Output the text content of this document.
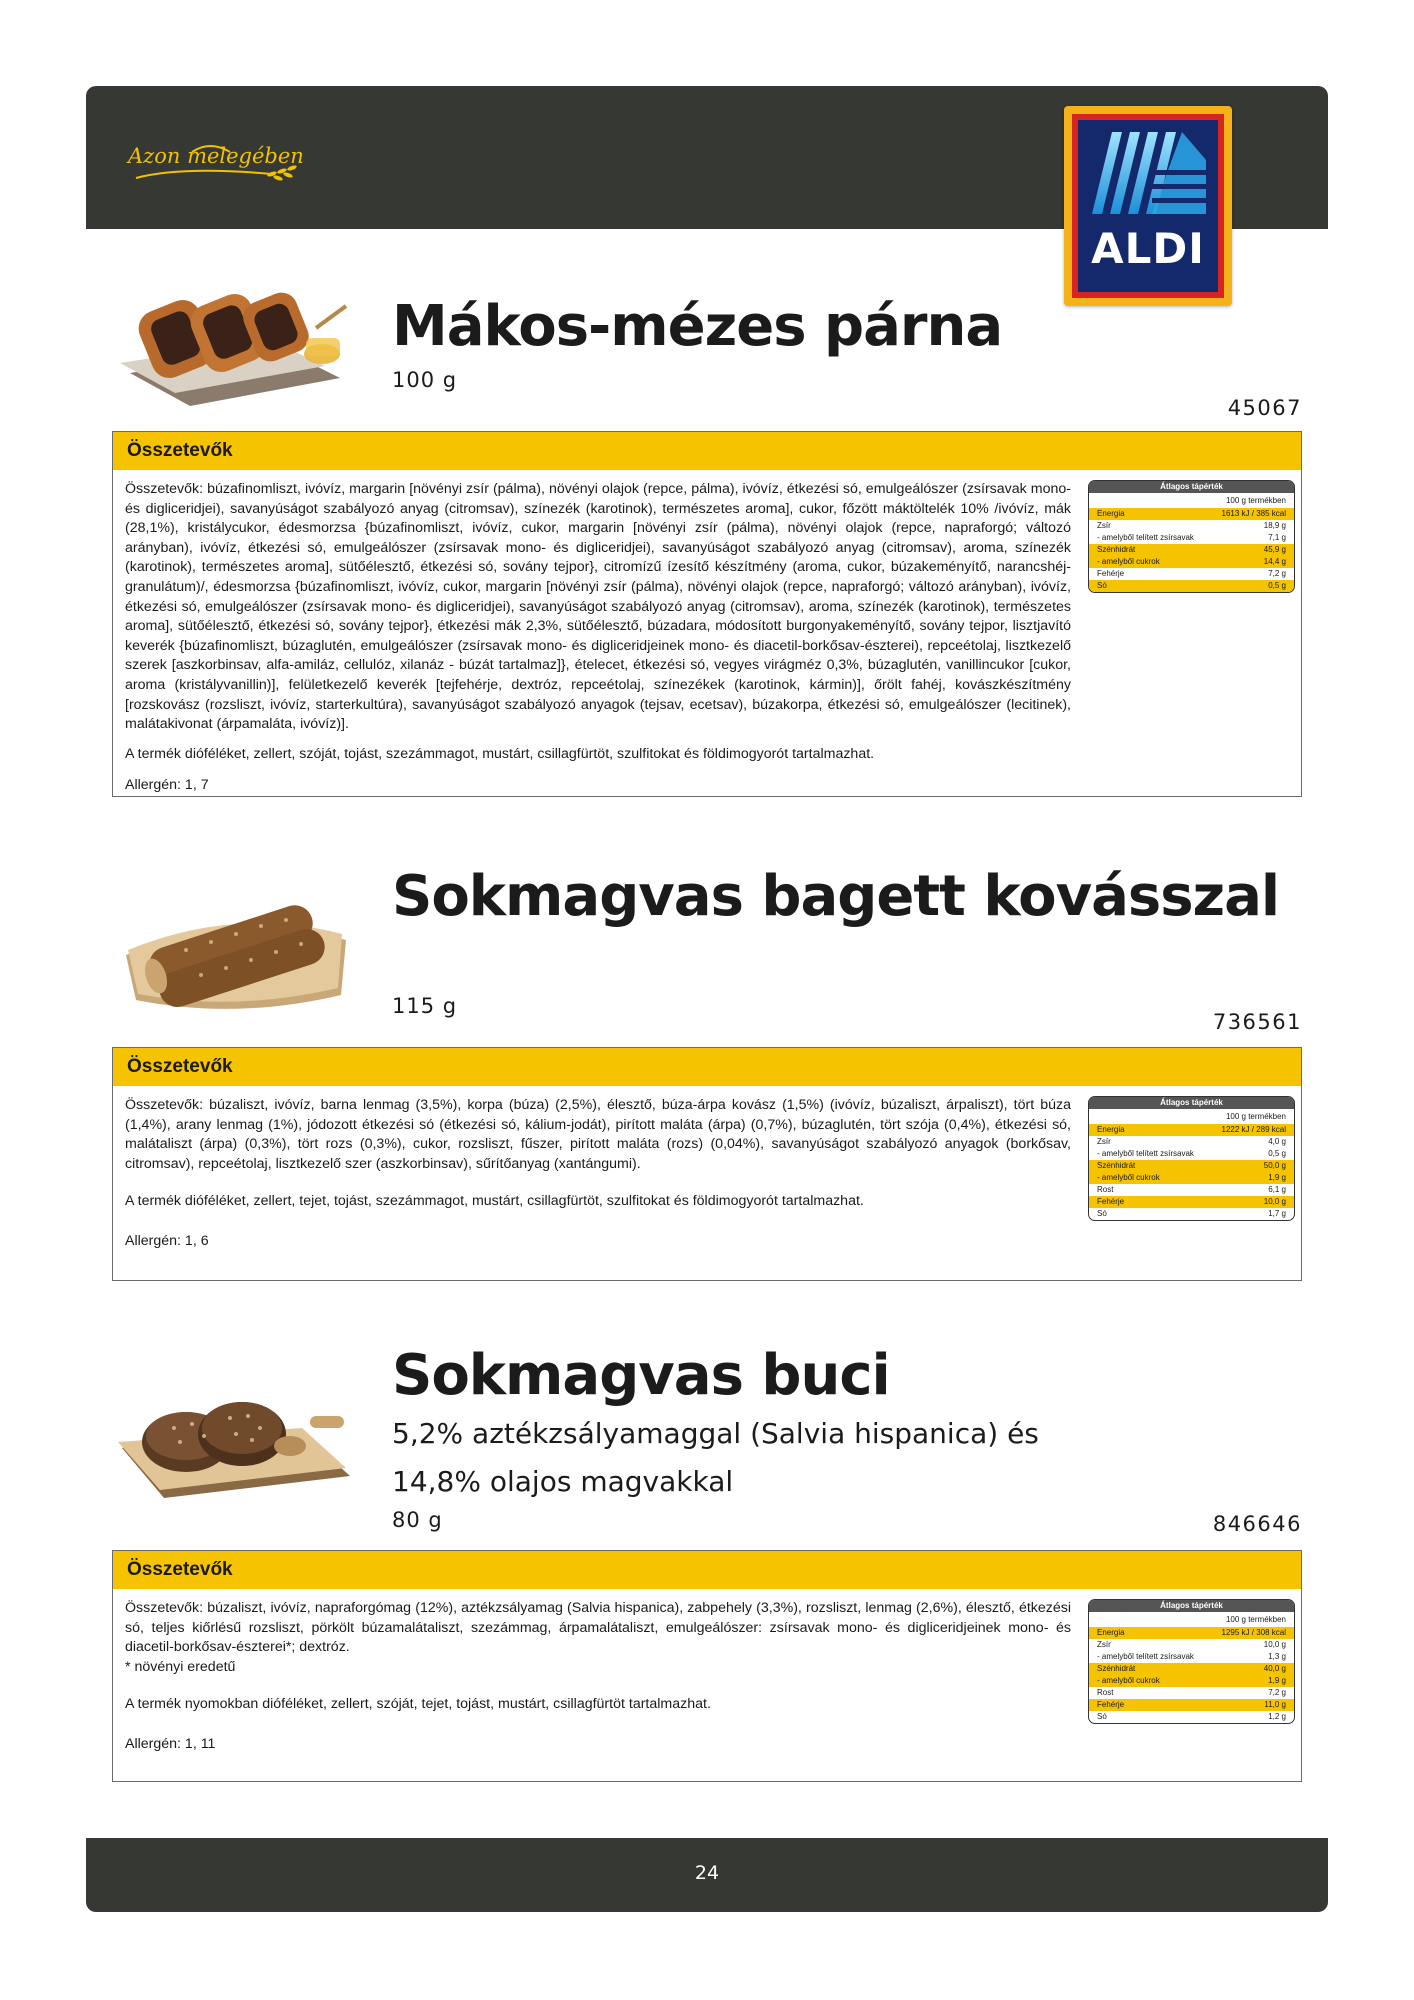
Azon melegében
ALDI
Mákos-mézes párna
100 g
45067
Összetevők
Összetevők: búzafinomliszt, ivóvíz, margarin [növényi zsír (pálma), növényi olajok (repce, pálma), ivóvíz, étkezési só, emulgeálószer (zsírsavak mono- és digliceridjei), savanyúságot szabályozó anyag (citromsav), színezék (karotinok), természetes aroma], cukor, főzött máktöltelék 10% /ivóvíz, mák (28,1%), kristálycukor, édesmorzsa {búzafinomliszt, ivóvíz, cukor, margarin [növényi zsír (pálma), növényi olajok (repce, napraforgó; változó arányban), ivóvíz, étkezési só, emulgeálószer (zsírsavak mono- és digliceridjei), savanyúságot szabályozó anyag (citromsav), aroma, színezék (karotinok), természetes aroma], sütőélesztő, étkezési só, sovány tejpor}, citromízű ízesítő készítmény (aroma, cukor, búzakeményítő, narancshéj-granulátum)/, édesmorzsa {búzafinomliszt, ivóvíz, cukor, margarin [növényi zsír (pálma), növényi olajok (repce, napraforgó; változó arányban), ivóvíz, étkezési só, emulgeálószer (zsírsavak mono- és digliceridjei), savanyúságot szabályozó anyag (citromsav), aroma, színezék (karotinok), természetes aroma], sütőélesztő, étkezési só, sovány tejpor}, étkezési mák 2,3%, sütőélesztő, búzadara, módosított burgonyakeményítő, sovány tejpor, lisztjavító keverék {búzafinomliszt, búzaglutén, emulgeálószer (zsírsavak mono- és digliceridjeinek mono- és diacetil-borkősav-észterei), repceétolaj, lisztkezelő szerek [aszkorbinsav, alfa-amiláz, cellulóz, xilanáz - búzát tartalmaz]}, ételecet, étkezési só, vegyes virágméz 0,3%, búzaglutén, vanillincukor [cukor, aroma (kristályvanillin)], felületkezelő keverék [tejfehérje, dextróz, repceétolaj, színezékek (karotinok, kármin)], őrölt fahéj, kovászkészítmény [rozskovász (rozsliszt, ivóvíz, starterkultúra), savanyúságot szabályozó anyagok (tejsav, ecetsav), búzakorpa, étkezési só, emulgeálószer (lecitinek), malátakivonat (árpamaláta, ivóvíz)].
A termék dióféléket, zellert, szóját, tojást, szezámmagot, mustárt, csillagfürtöt, szulfitokat és földimogyorót tartalmazhat.
Allergén: 1, 7
Átlagos tápérték
100 g termékben
Energia	1613 kJ / 385 kcal
Zsír	18,9 g
- amelyből telített zsírsavak	7,1 g
Szénhidrát	45,9 g
- amelyből cukrok	14,4 g
Fehérje	7,2 g
Só	0,5 g
Sokmagvas bagett kovásszal
115 g
736561
Összetevők
Összetevők: búzaliszt, ivóvíz, barna lenmag (3,5%), korpa (búza) (2,5%), élesztő, búza-árpa kovász (1,5%) (ivóvíz, búzaliszt, árpaliszt), tört búza (1,4%), arany lenmag (1%), jódozott étkezési só (étkezési só, kálium-jodát), pirított maláta (árpa) (0,7%), búzaglutén, tört szója (0,4%), étkezési só, malátaliszt (árpa) (0,3%), tört rozs (0,3%), cukor, rozsliszt, fűszer, pirított maláta (rozs) (0,04%), savanyúságot szabályozó anyagok (borkősav, citromsav), repceétolaj, lisztkezelő szer (aszkorbinsav), sűrítőanyag (xantángumi).
A termék dióféléket, zellert, tejet, tojást, szezámmagot, mustárt, csillagfürtöt, szulfitokat és földimogyorót tartalmazhat.
Allergén: 1, 6
Átlagos tápérték
100 g termékben
Energia	1222 kJ / 289 kcal
Zsír	4,0 g
- amelyből telített zsírsavak	0,5 g
Szénhidrát	50,0 g
- amelyből cukrok	1,9 g
Rost	6,1 g
Fehérje	10,0 g
Só	1,7 g
Sokmagvas buci
5,2% aztékzsályamaggal (Salvia hispanica) és
14,8% olajos magvakkal
80 g	846646
Összetevők
Összetevők: búzaliszt, ivóvíz, napraforgómag (12%), aztékzsályamag (Salvia hispanica), zabpehely (3,3%), rozsliszt, lenmag (2,6%), élesztő, étkezési só, teljes kiőrlésű rozsliszt, pörkölt búzamalátaliszt, szezámmag, árpamalátaliszt, emulgeálószer: zsírsavak mono- és digliceridjeinek mono- és diacetil-borkősav-észterei*; dextróz.
* növényi eredetű
A termék nyomokban dióféléket, zellert, szóját, tejet, tojást, mustárt, csillagfürtöt tartalmazhat.
Allergén: 1, 11
Átlagos tápérték
100 g termékben
Energia	1295 kJ / 308 kcal
Zsír	10,0 g
- amelyből telített zsírsavak	1,3 g
Szénhidrát	40,0 g
- amelyből cukrok	1,9 g
Rost	7,2 g
Fehérje	11,0 g
Só	1,2 g
24
